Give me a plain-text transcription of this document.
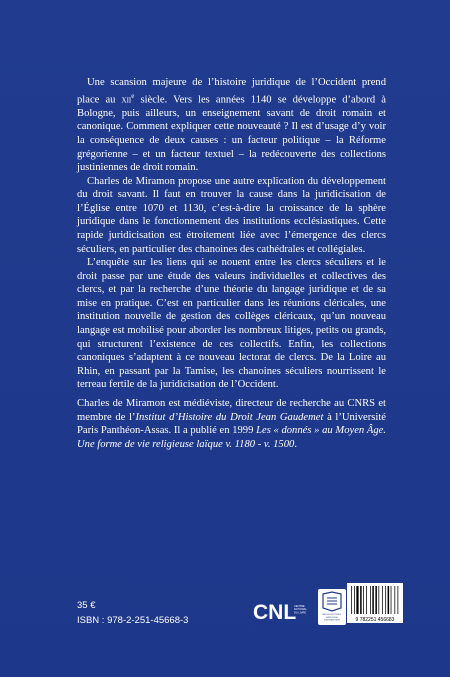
Une scansion majeure de l’histoire juridique de l’Occident prend place au xii$^e$ siècle. Vers les années 1140 se développe d’abord à Bologne, puis ailleurs, un enseignement savant de droit romain et canonique. Comment expliquer cette nouveauté ? Il est d’usage d’y voir la conséquence de deux causes : un facteur politique – la Réforme grégorienne – et un facteur textuel – la redécouverte des collections justiniennes de droit romain.

Charles de Miramon propose une autre explication du développement du droit savant. Il faut en trouver la cause dans la juridicisation de l’Église entre 1070 et 1130, c’est-à-dire la croissance de la sphère juridique dans le fonctionnement des institutions ecclésiastiques. Cette rapide juridicisation est étroitement liée avec l’émergence des clercs séculiers, en particulier des chanoines des cathédrales et collégiales.

L’enquête sur les liens qui se nouent entre les clercs séculiers et le droit passe par une étude des valeurs individuelles et collectives des clercs, et par la recherche d’une théorie du langage juridique et de sa mise en pratique. C’est en particulier dans les réunions cléricales, une institution nouvelle de gestion des collèges cléricaux, qu’un nouveau langage est mobilisé pour aborder les nombreux litiges, petits ou grands, qui structurent l’existence de ces collectifs. Enfin, les collections canoniques s’adaptent à ce nouveau lectorat de clercs. De la Loire au Rhin, en passant par la Tamise, les chanoines séculiers nourrissent le terreau fertile de la juridicisation de l’Occident.

Charles de Miramon est médiéviste, directeur de recherche au CNRS et membre de l’Institut d’Histoire du Droit Jean Gaudemet à l’Université Paris Panthéon-Assas. Il a publié en 1999 Les « donnés » au Moyen Âge. Une forme de vie religieuse laïque v. 1180 - v. 1500.

35 €
ISBN : 978-2-251-45668-3	CNL
CENTRE NATIONAL DU LIVRE
BELLES LETTRES DIFFUSION DISTRIBUTION	9 782251 456683
